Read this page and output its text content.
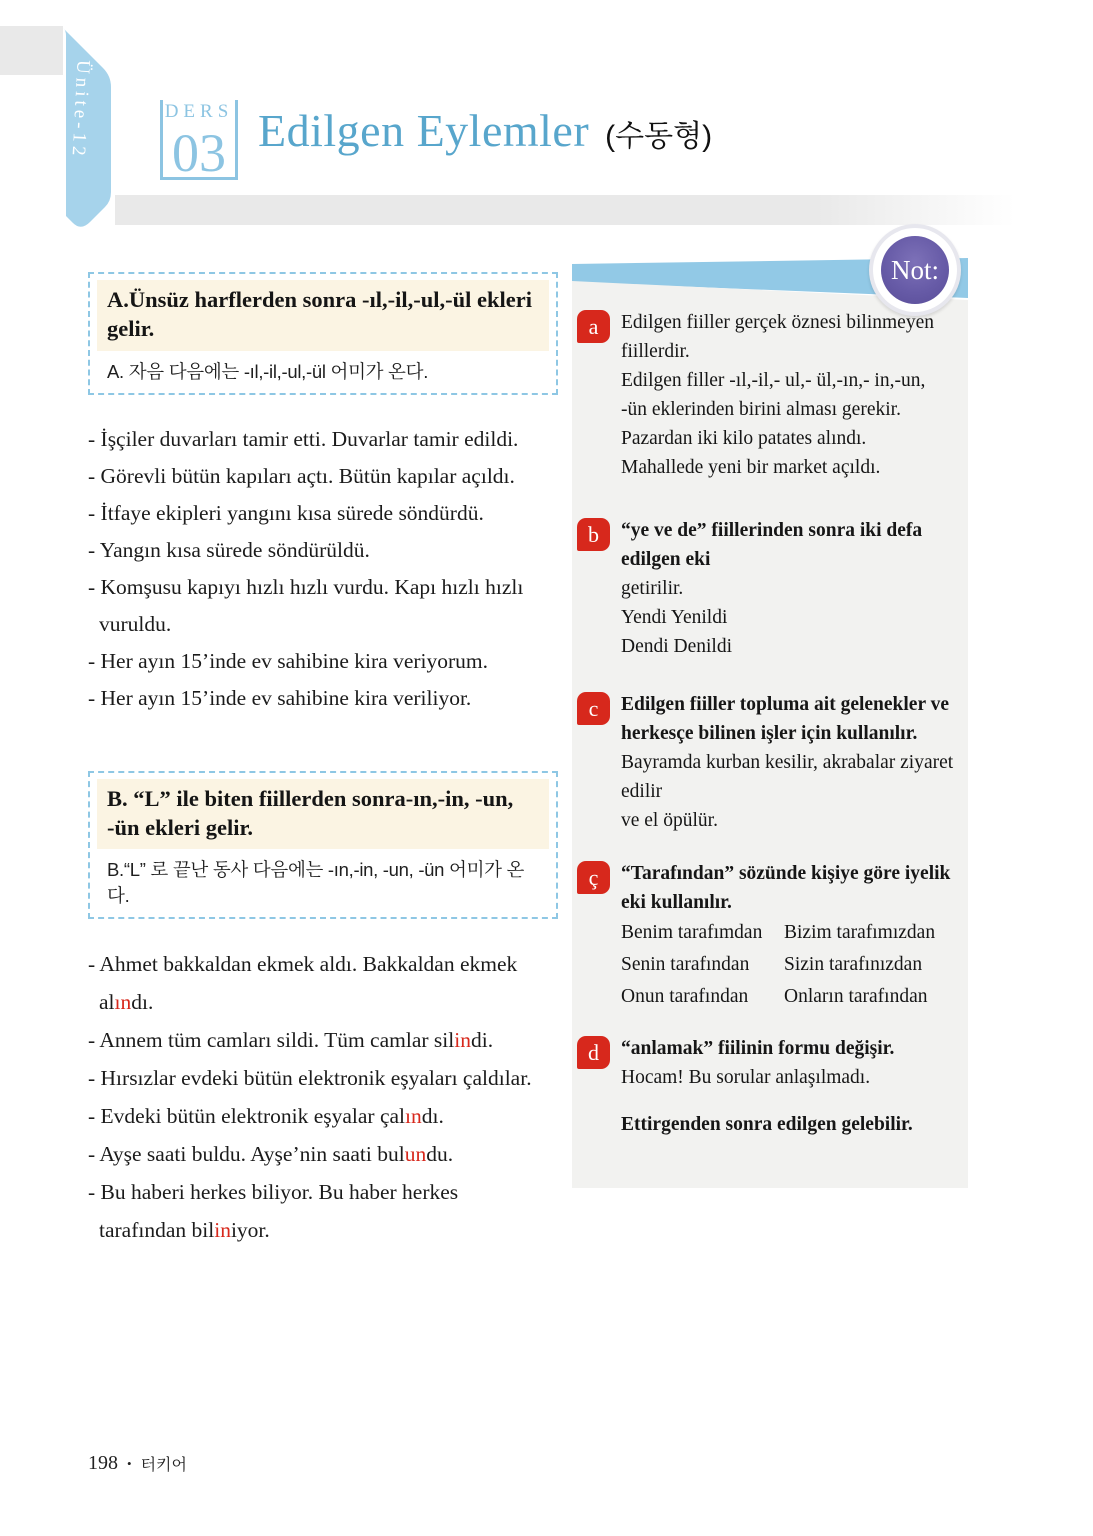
Ünite-12	DERS
03 Edilgen Eylemler (수동형)
A.Ünsüz harflerden sonra -ıl,-il,-ul,-ül ekleri gelir.
A. 자음 다음에는 -ıl,-il,-ul,-ül 어미가 온다.
- İşçiler duvarları tamir etti. Duvarlar tamir edildi.
- Görevli bütün kapıları açtı. Bütün kapılar açıldı.
- İtfaye ekipleri yangını kısa sürede söndürdü.
- Yangın kısa sürede söndürüldü.
- Komşusu kapıyı hızlı hızlı vurdu. Kapı hızlı hızlı
vuruldu.
- Her ayın 15’inde ev sahibine kira veriyorum.
- Her ayın 15’inde ev sahibine kira veriliyor.
B. “L” ile biten fiillerden sonra-ın,-in, -un, -ün ekleri gelir.
B.“L” 로 끝난 동사 다음에는 -ın,-in, -un, -ün 어미가 온다.
- Ahmet bakkaldan ekmek aldı. Bakkaldan ekmek
alındı.
- Annem tüm camları sildi. Tüm camlar silindi.
- Hırsızlar evdeki bütün elektronik eşyaları çaldılar.
- Evdeki bütün elektronik eşyalar çalındı.
- Ayşe saati buldu. Ayşe’nin saati bulundu.
- Bu haberi herkes biliyor. Bu haber herkes
tarafından biliniyor.
Not:
a	Edilgen fiiller gerçek öznesi bilinmeyen fiillerdir.
Edilgen filler -ıl,-il,- ul,- ül,-ın,- in,-un,
-ün eklerinden birini alması gerekir.
Pazardan iki kilo patates alındı.
Mahallede yeni bir market açıldı.
b	“ye ve de” fiillerinden sonra iki defa edilgen eki
getirilir.
Yendi Yenildi
Dendi Denildi
c	Edilgen fiiller topluma ait gelenekler ve
herkesçe bilinen işler için kullanılır.
Bayramda kurban kesilir, akrabalar ziyaret edilir
ve el öpülür.
ç	“Tarafından” sözünde kişiye göre iyelik
eki kullanılır.
Benim tarafımdan	Bizim tarafımızdan
Senin tarafından	Sizin tarafınızdan
Onun tarafından	Onların tarafından
d	“anlamak” fiilinin formu değişir.
Hocam! Bu sorular anlaşılmadı.
Ettirgenden sonra edilgen gelebilir.
198 • 터키어
